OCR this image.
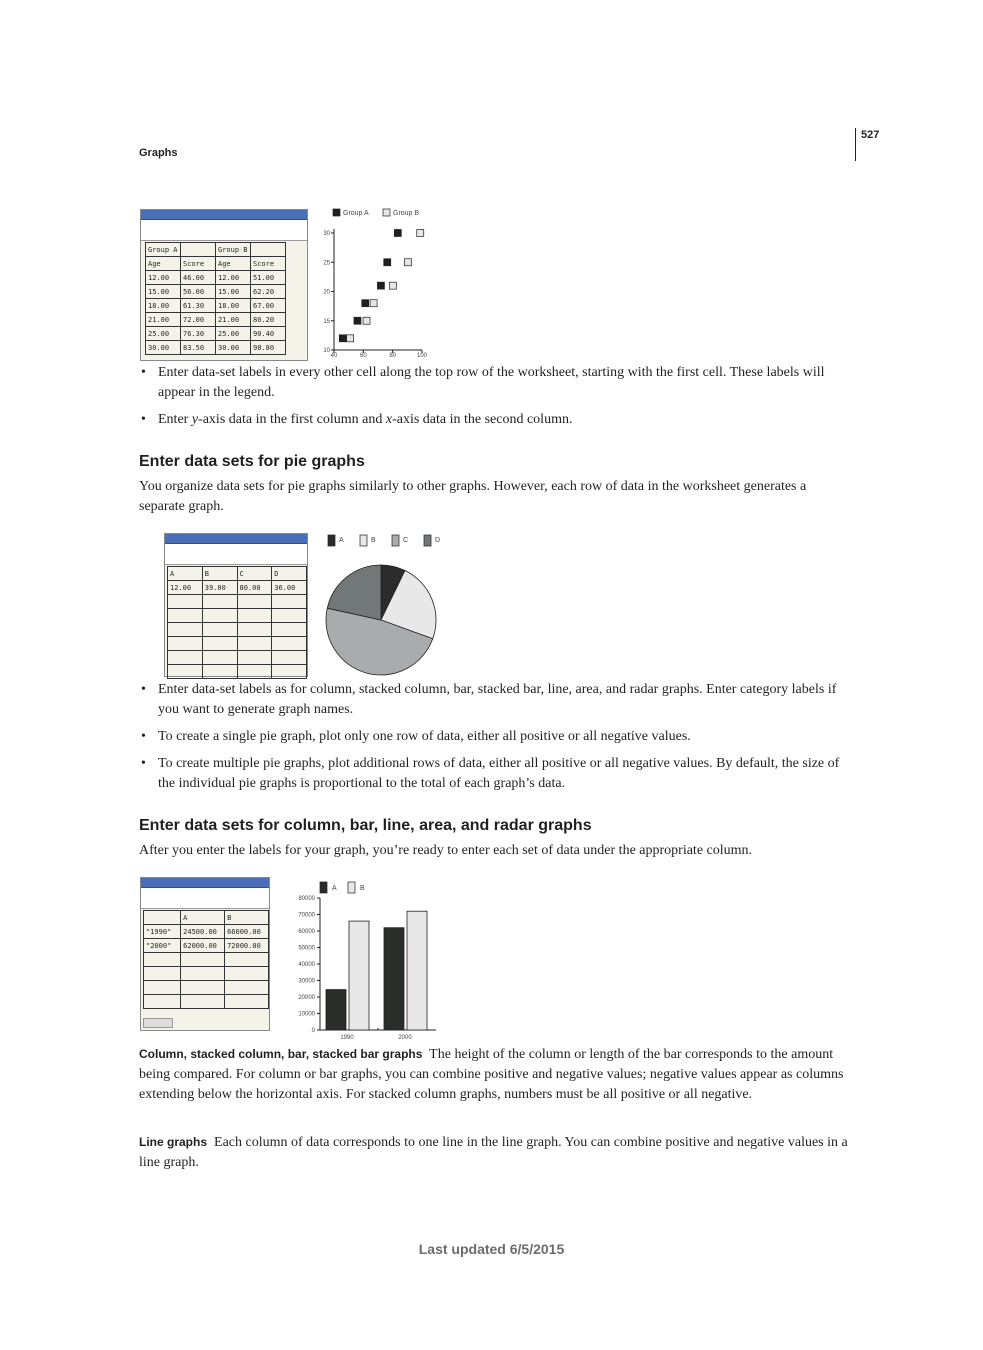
Graphs
527
Group A		Group B	
Age	Score	Age	Score
12.00	46.00	12.00	51.00
15.00	56.00	15.00	62.20
18.00	61.30	18.00	67.00
21.00	72.00	21.00	80.20
25.00	76.30	25.00	90.40
30.00	83.50	30.00	98.80
Group A	Group B
30
25
20
15
10
40	60	80	100
• Enter data-set labels in every other cell along the top row of the worksheet, starting with the first cell. These labels will appear in the legend.
• Enter y-axis data in the first column and x-axis data in the second column.
Enter data sets for pie graphs
You organize data sets for pie graphs similarly to other graphs. However, each row of data in the worksheet generates a separate graph.
A	B	C	D
12.00	39.00	80.00	36.00

A	B	C	D
• Enter data-set labels as for column, stacked column, bar, stacked bar, line, area, and radar graphs. Enter category labels if you want to generate graph names.
• To create a single pie graph, plot only one row of data, either all positive or all negative values.
• To create multiple pie graphs, plot additional rows of data, either all positive or all negative values. By default, the size of the individual pie graphs is proportional to the total of each graph’s data.
Enter data sets for column, bar, line, area, and radar graphs
After you enter the labels for your graph, you’re ready to enter each set of data under the appropriate column.
	A	B
"1990"	24500.00	66000.00
"2000"	62000.00	72000.00

A	B
80000
70000
60000
50000
40000
30000
20000
10000
0
1990	2000
Column, stacked column, bar, stacked bar graphs The height of the column or length of the bar corresponds to the amount being compared. For column or bar graphs, you can combine positive and negative values; negative values appear as columns extending below the horizontal axis. For stacked column graphs, numbers must be all positive or all negative.
Line graphs Each column of data corresponds to one line in the line graph. You can combine positive and negative values in a line graph.
Last updated 6/5/2015
